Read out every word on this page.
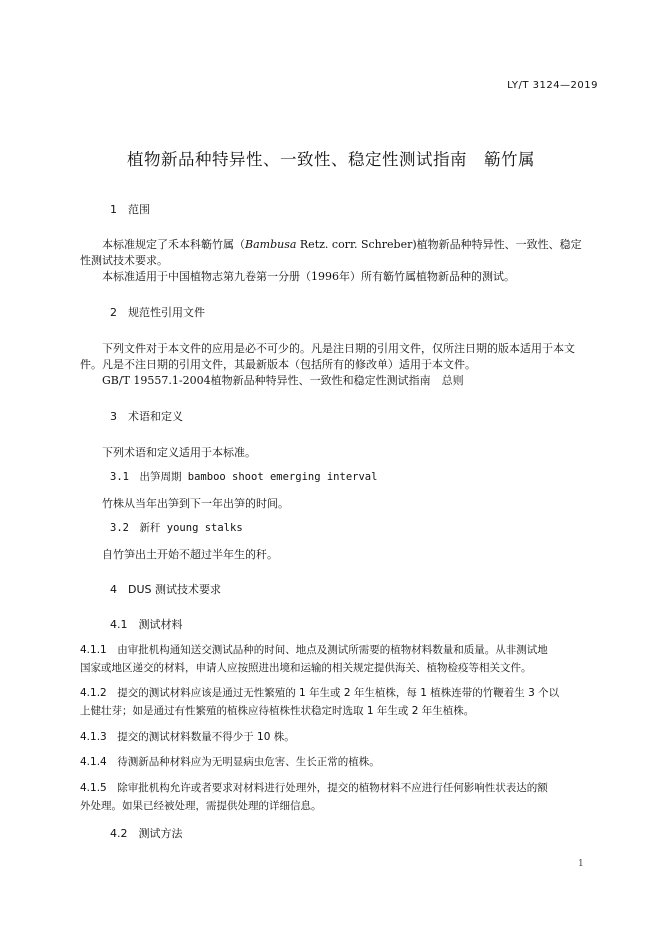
LY/T 3124—2019
植物新品种特异性、一致性、稳定性测试指南　簕竹属
1　范围
本标准规定了禾本科簕竹属（Bambusa Retz. corr. Schreber)植物新品种特异性、一致性、稳定
性测试技术要求。
本标准适用于中国植物志第九卷第一分册（1996年）所有簕竹属植物新品种的测试。
2　规范性引用文件
下列文件对于本文件的应用是必不可少的。凡是注日期的引用文件，仅所注日期的版本适用于本文
件。凡是不注日期的引用文件，其最新版本（包括所有的修改单）适用于本文件。
GB/T 19557.1-2004植物新品种特异性、一致性和稳定性测试指南　总则
3　术语和定义
下列术语和定义适用于本标准。
3.1　出笋周期 bamboo shoot emerging interval
竹株从当年出笋到下一年出笋的时间。
3.2　新秆 young stalks
自竹笋出土开始不超过半年生的秆。
4　DUS 测试技术要求
4.1　测试材料
4.1.1　由审批机构通知送交测试品种的时间、地点及测试所需要的植物材料数量和质量。从非测试地
国家或地区递交的材料，申请人应按照进出境和运输的相关规定提供海关、植物检疫等相关文件。
4.1.2　提交的测试材料应该是通过无性繁殖的 1 年生或 2 年生植株，每 1 植株连带的竹鞭着生 3 个以
上健壮芽；如是通过有性繁殖的植株应待植株性状稳定时选取 1 年生或 2 年生植株。
4.1.3　提交的测试材料数量不得少于 10 株。
4.1.4　待测新品种材料应为无明显病虫危害、生长正常的植株。
4.1.5　除审批机构允许或者要求对材料进行处理外，提交的植物材料不应进行任何影响性状表达的额
外处理。如果已经被处理，需提供处理的详细信息。
4.2　测试方法
1
